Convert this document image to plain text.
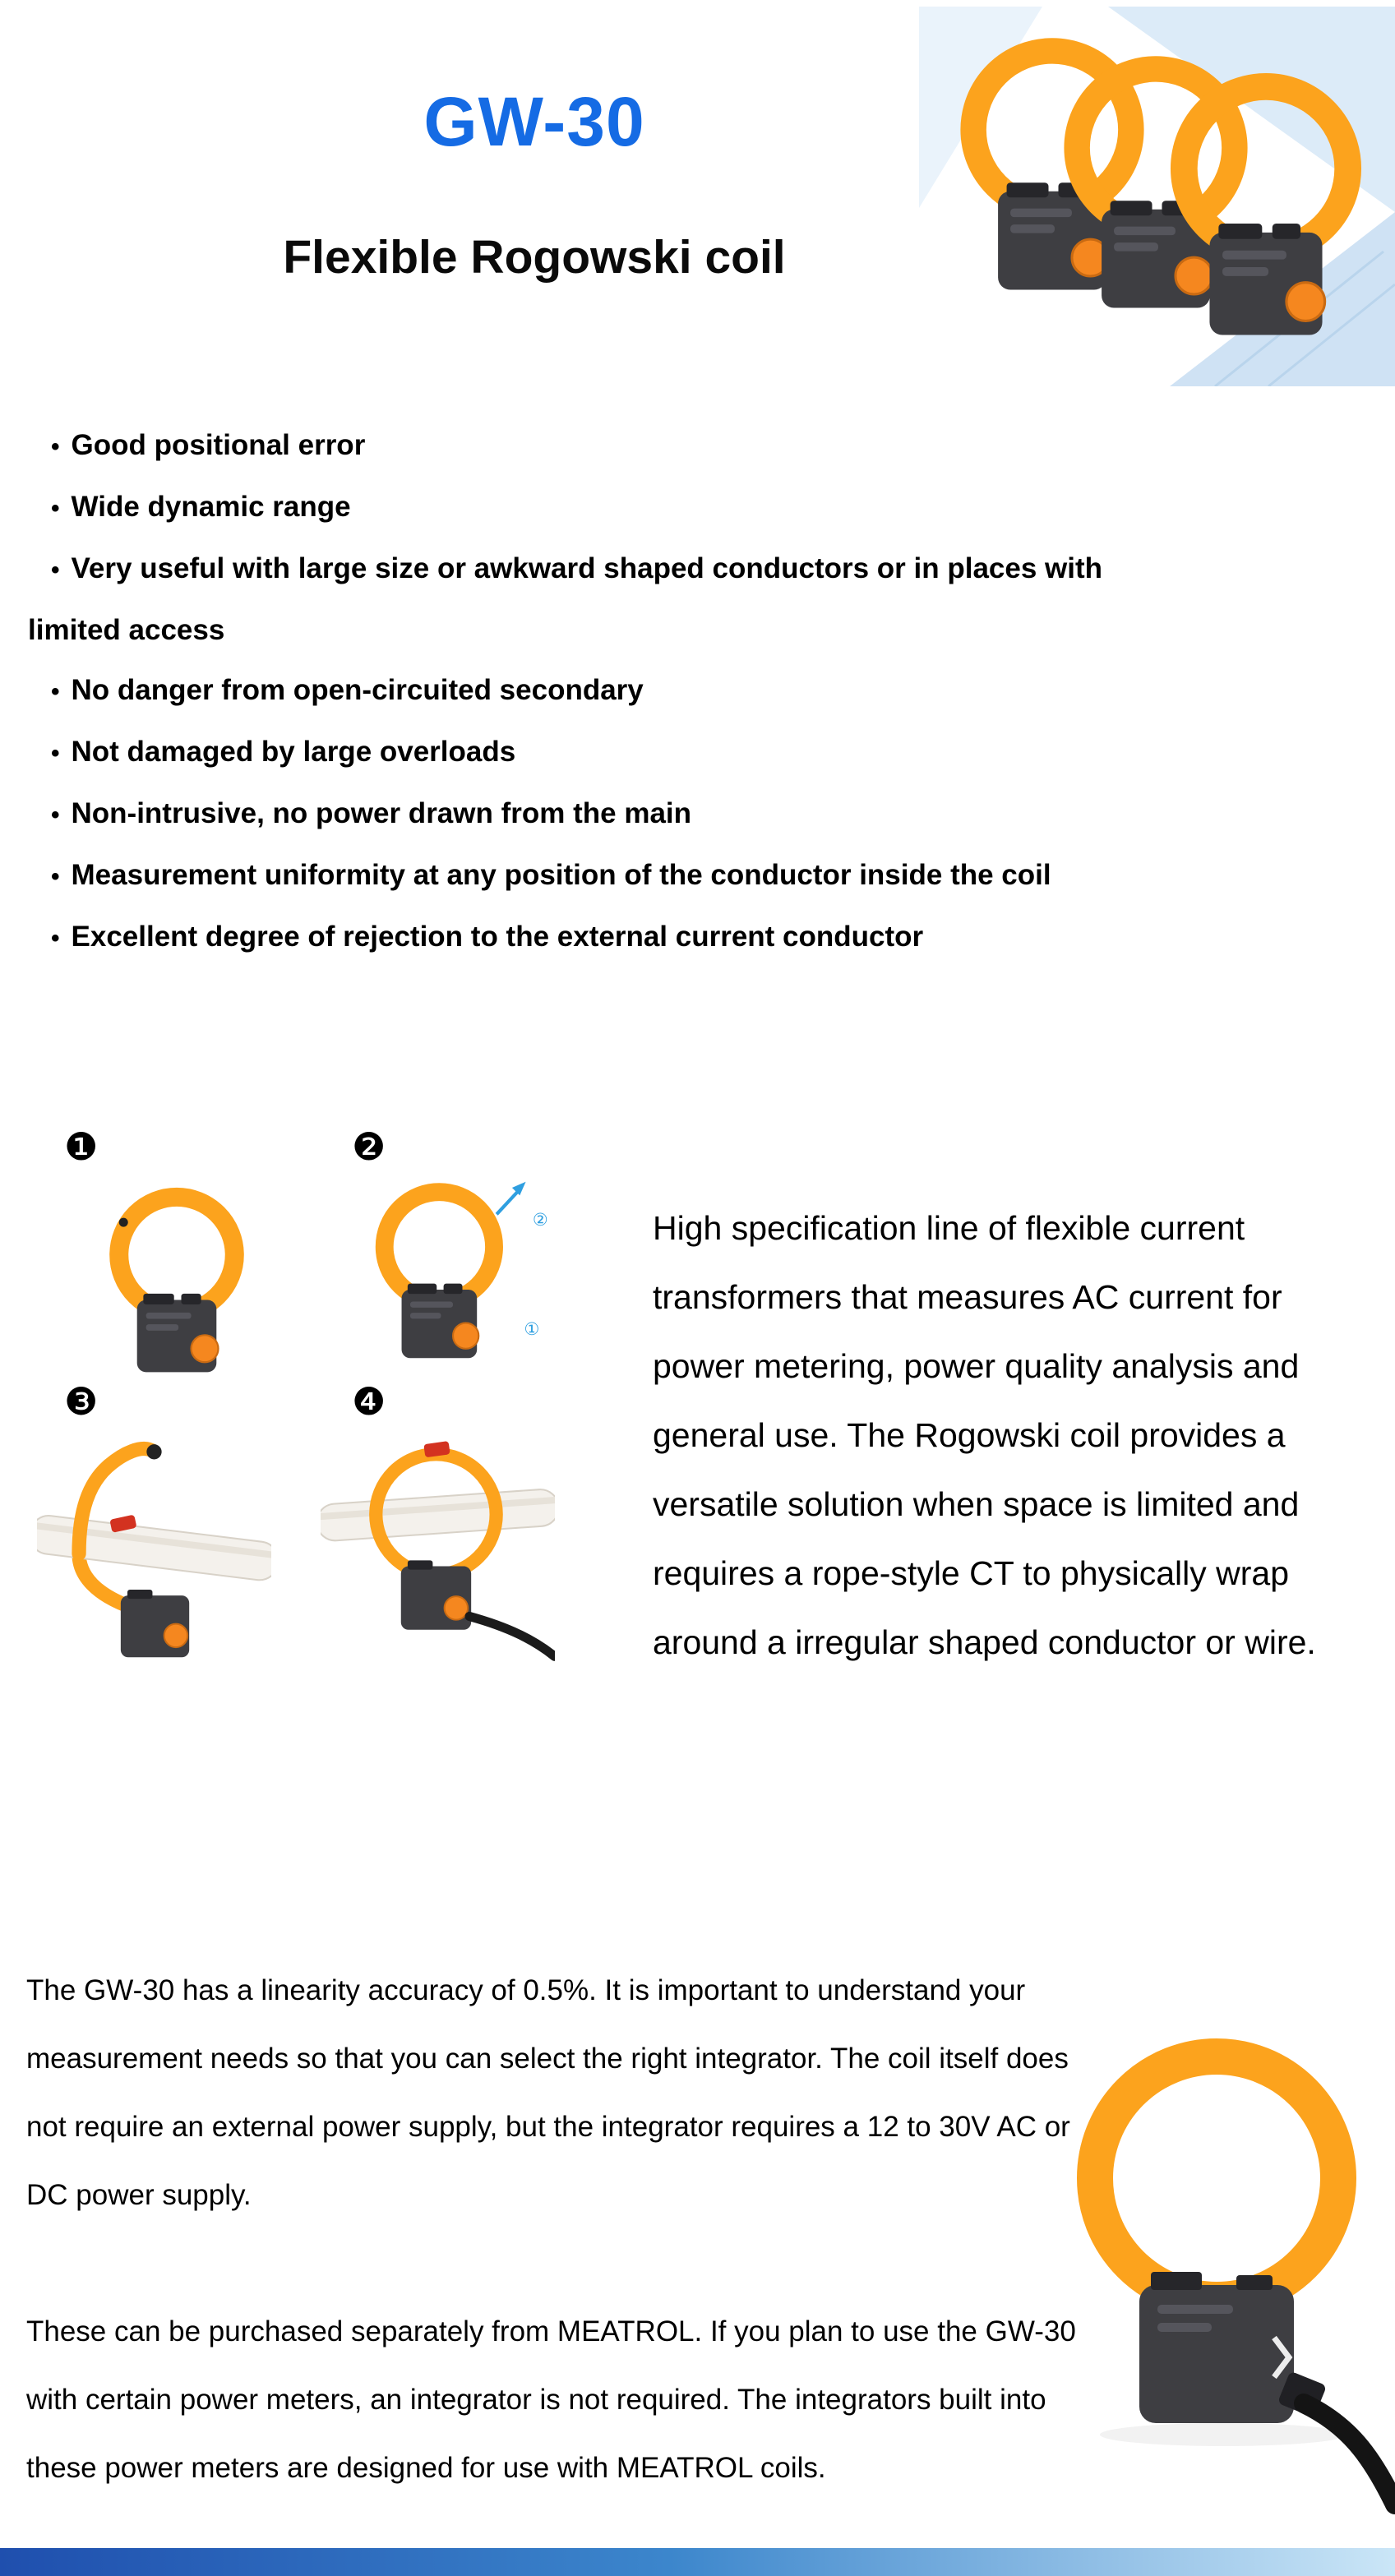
GW-30
Flexible Rogowski coil
• Good positional error
• Wide dynamic range
• Very useful with large size or awkward shaped conductors or in places with limited access
• No danger from open-circuited secondary
• Not damaged by large overloads
• Non-intrusive, no power drawn from the main
• Measurement uniformity at any position of the conductor inside the coil
• Excellent degree of rejection to the external current conductor
❶	❷
❸	❹
②
①
High specification line of flexible current transformers that measures AC current for power metering, power quality analysis and general use. The Rogowski coil provides a versatile solution when space is limited and requires a rope-style CT to physically wrap around a irregular shaped conductor or wire.
The GW-30 has a linearity accuracy of 0.5%. It is important to understand your measurement needs so that you can select the right integrator. The coil itself does not require an external power supply, but the integrator requires a 12 to 30V AC or DC power supply.
These can be purchased separately from MEATROL. If you plan to use the GW-30 with certain power meters, an integrator is not required. The integrators built into these power meters are designed for use with MEATROL coils.
